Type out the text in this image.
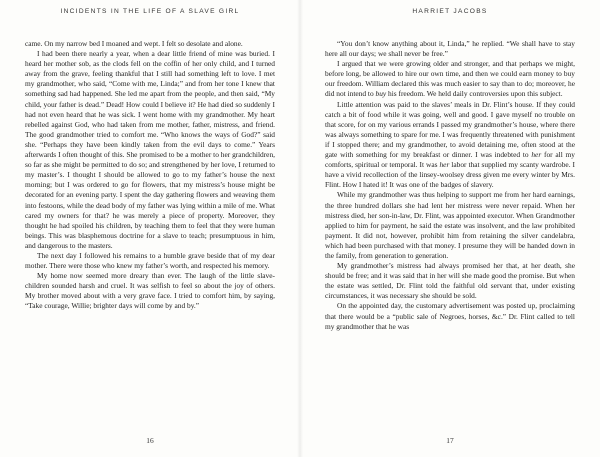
INCIDENTS IN THE LIFE OF A SLAVE GIRL

came. On my narrow bed I moaned and wept. I felt so desolate and alone.

I had been there nearly a year, when a dear little friend of mine was buried. I heard her mother sob, as the clods fell on the coffin of her only child, and I turned away from the grave, feeling thankful that I still had something left to love. I met my grandmother, who said, “Come with me, Linda;” and from her tone I knew that something sad had happened. She led me apart from the people, and then said, “My child, your father is dead.” Dead! How could I believe it? He had died so suddenly I had not even heard that he was sick. I went home with my grandmother. My heart rebelled against God, who had taken from me mother, father, mistress, and friend. The good grandmother tried to comfort me. “Who knows the ways of God?” said she. “Perhaps they have been kindly taken from the evil days to come.” Years afterwards I often thought of this. She promised to be a mother to her grandchildren, so far as she might be permitted to do so; and strengthened by her love, I returned to my master’s. I thought I should be allowed to go to my father’s house the next morning; but I was ordered to go for flowers, that my mistress’s house might be decorated for an evening party. I spent the day gathering flowers and weaving them into festoons, while the dead body of my father was lying within a mile of me. What cared my owners for that? he was merely a piece of property. Moreover, they thought he had spoiled his children, by teaching them to feel that they were human beings. This was blasphemous doctrine for a slave to teach; presumptuous in him, and dangerous to the masters.

The next day I followed his remains to a humble grave beside that of my dear mother. There were those who knew my father’s worth, and respected his memory.

My home now seemed more dreary than ever. The laugh of the little slave-children sounded harsh and cruel. It was selfish to feel so about the joy of others. My brother moved about with a very grave face. I tried to comfort him, by saying, “Take courage, Willie; brighter days will come by and by.”

16
HARRIET JACOBS

“You don’t know anything about it, Linda,” he replied. “We shall have to stay here all our days; we shall never be free.”

I argued that we were growing older and stronger, and that perhaps we might, before long, be allowed to hire our own time, and then we could earn money to buy our freedom. William declared this was much easier to say than to do; moreover, he did not intend to buy his freedom. We held daily controversies upon this subject.

Little attention was paid to the slaves’ meals in Dr. Flint’s house. If they could catch a bit of food while it was going, well and good. I gave myself no trouble on that score, for on my various errands I passed my grandmother’s house, where there was always something to spare for me. I was frequently threatened with punishment if I stopped there; and my grandmother, to avoid detaining me, often stood at the gate with something for my breakfast or dinner. I was indebted to her for all my comforts, spiritual or temporal. It was her labor that supplied my scanty wardrobe. I have a vivid recollection of the linsey-woolsey dress given me every winter by Mrs. Flint. How I hated it! It was one of the badges of slavery.

While my grandmother was thus helping to support me from her hard earnings, the three hundred dollars she had lent her mistress were never repaid. When her mistress died, her son-in-law, Dr. Flint, was appointed executor. When Grandmother applied to him for payment, he said the estate was insolvent, and the law prohibited payment. It did not, however, prohibit him from retaining the silver candelabra, which had been purchased with that money. I presume they will be handed down in the family, from generation to generation.

My grandmother’s mistress had always promised her that, at her death, she should be free; and it was said that in her will she made good the promise. But when the estate was settled, Dr. Flint told the faithful old servant that, under existing circumstances, it was necessary she should be sold.

On the appointed day, the customary advertisement was posted up, proclaiming that there would be a “public sale of Negroes, horses, &c.” Dr. Flint called to tell my grandmother that he was

17
